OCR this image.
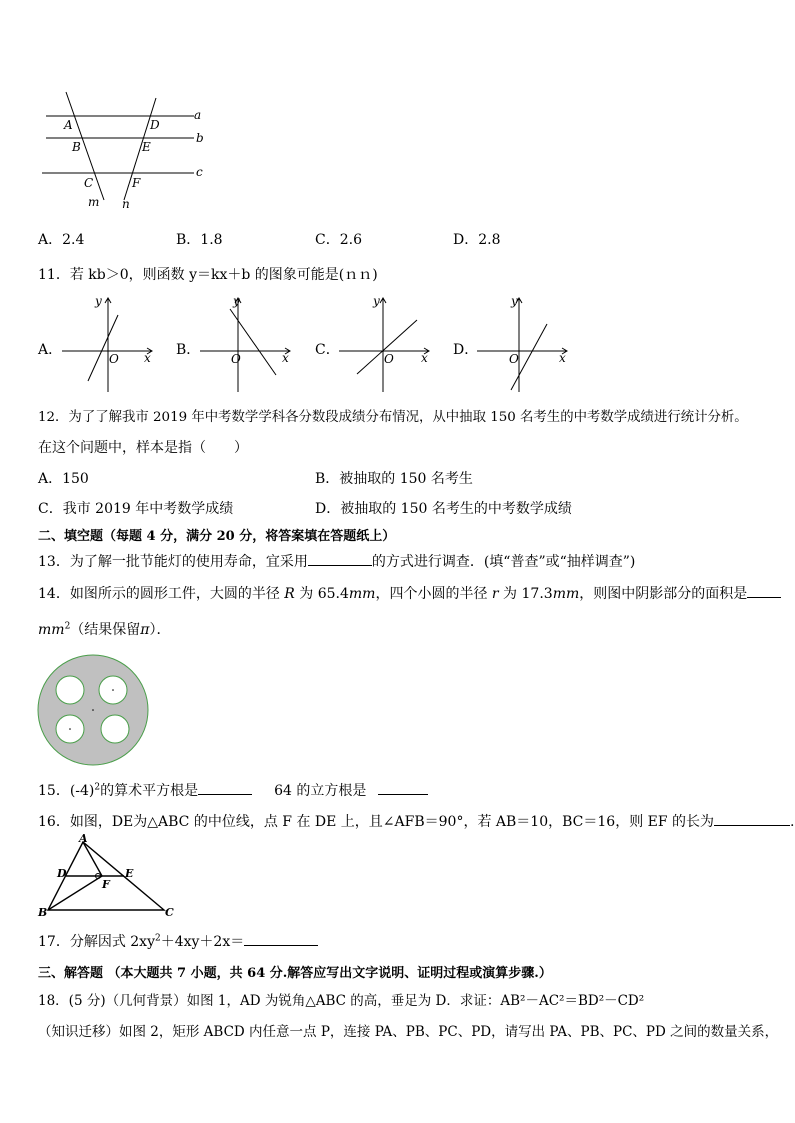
a
b
c
A
B
C
D
E
F
m n
A．2.4	B．1.8	C．2.6	D．2.8
11．若 kb＞0，则函数 y＝kx＋b 的图象可能是(ｎｎ)
A．
y
x
O
B．
y
x
O
C．
y
x
O
D．
y
x
O
12．为了了解我市 2019 年中考数学学科各分数段成绩分布情况，从中抽取 150 名考生的中考数学成绩进行统计分析。
在这个问题中，样本是指（　　）
A．150	B．被抽取的 150 名考生
C．我市 2019 年中考数学成绩	D．被抽取的 150 名考生的中考数学成绩
二、填空题（每题 4 分，满分 20 分，将答案填在答题纸上）
13．为了解一批节能灯的使用寿命，宜采用	的方式进行调查．(填“普查”或“抽样调查”)
14．如图所示的圆形工件，大圆的半径 R 为 65.4mm，四个小圆的半径 r 为 17.3mm，则图中阴影部分的面积是
$mm^2$（结果保留π）．
15．$(-4)^2$的算术平方根是	64 的立方根是
16．如图，DE为△ABC 的中位线，点 F 在 DE 上，且∠AFB＝90°，若 AB＝10，BC＝16，则 EF 的长为	.
A
B	C
D	E
F
17．分解因式 $2xy^2+4xy+2x=$
三、解答题 （本大题共 7 小题，共 64 分.解答应写出文字说明、证明过程或演算步骤.）
18．(5 分)（几何背景）如图 1，AD 为锐角△ABC 的高，垂足为 D．求证：AB²－AC²＝BD²－CD²
（知识迁移）如图 2，矩形 ABCD 内任意一点 P，连接 PA、PB、PC、PD，请写出 PA、PB、PC、PD 之间的数量关系，
